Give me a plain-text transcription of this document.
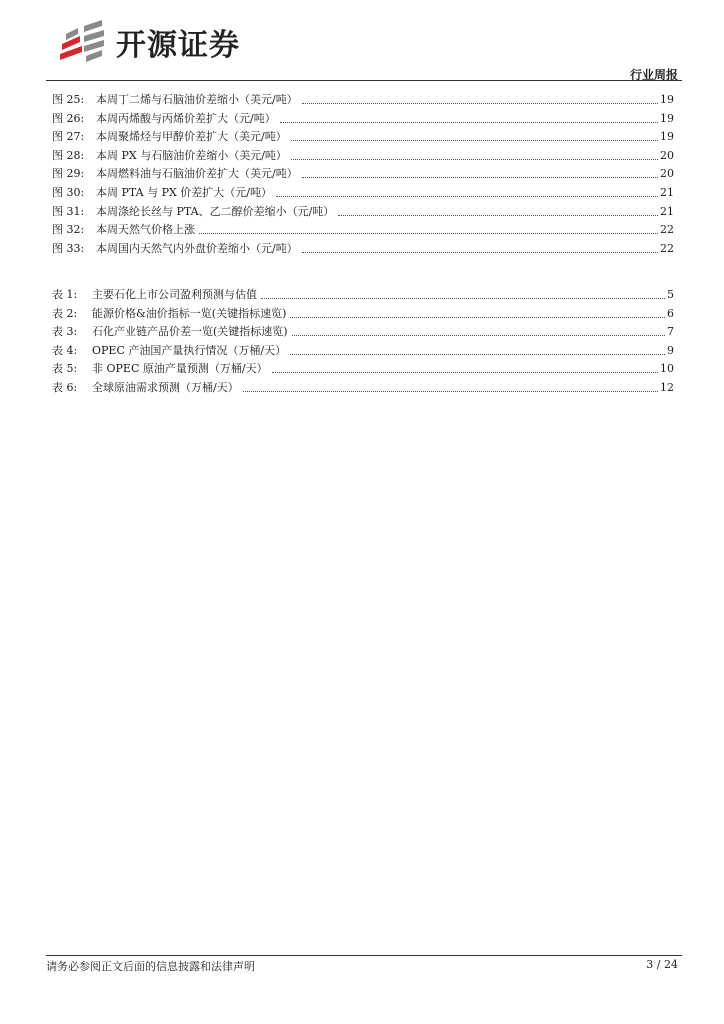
开源证券
行业周报
图 25:	本周丁二烯与石脑油价差缩小（美元/吨）	19
图 26:	本周丙烯酸与丙烯价差扩大（元/吨）	19
图 27:	本周聚烯烃与甲醇价差扩大（美元/吨）	19
图 28:	本周 PX 与石脑油价差缩小（美元/吨）	20
图 29:	本周燃料油与石脑油价差扩大（美元/吨）	20
图 30:	本周 PTA 与 PX 价差扩大（元/吨）	21
图 31:	本周涤纶长丝与 PTA、乙二醇价差缩小（元/吨）	21
图 32:	本周天然气价格上涨	22
图 33:	本周国内天然气内外盘价差缩小（元/吨）	22
表 1:	主要石化上市公司盈利预测与估值	5
表 2:	能源价格&油价指标一览(关键指标速览)	6
表 3:	石化产业链产品价差一览(关键指标速览)	7
表 4:	OPEC 产油国产量执行情况（万桶/天）	9
表 5:	非 OPEC 原油产量预测（万桶/天）	10
表 6:	全球原油需求预测（万桶/天）	12
请务必参阅正文后面的信息披露和法律声明	3 / 24
